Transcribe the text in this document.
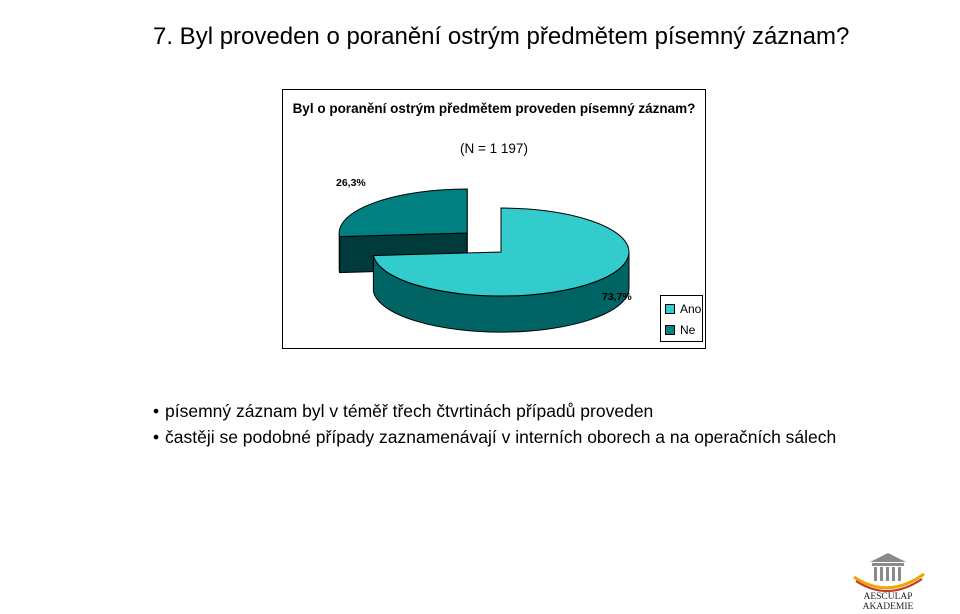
7. Byl proveden o poranění ostrým předmětem písemný záznam?
Byl o poranění ostrým předmětem proveden písemný záznam?
(N = 1 197)
26,3%
73,7%
Ano
Ne
• písemný záznam byl v téměř třech čtvrtinách případů proveden
• častěji se podobné případy zaznamenávají v interních oborech a na operačních sálech
AESCULAP
AKADEMIE
